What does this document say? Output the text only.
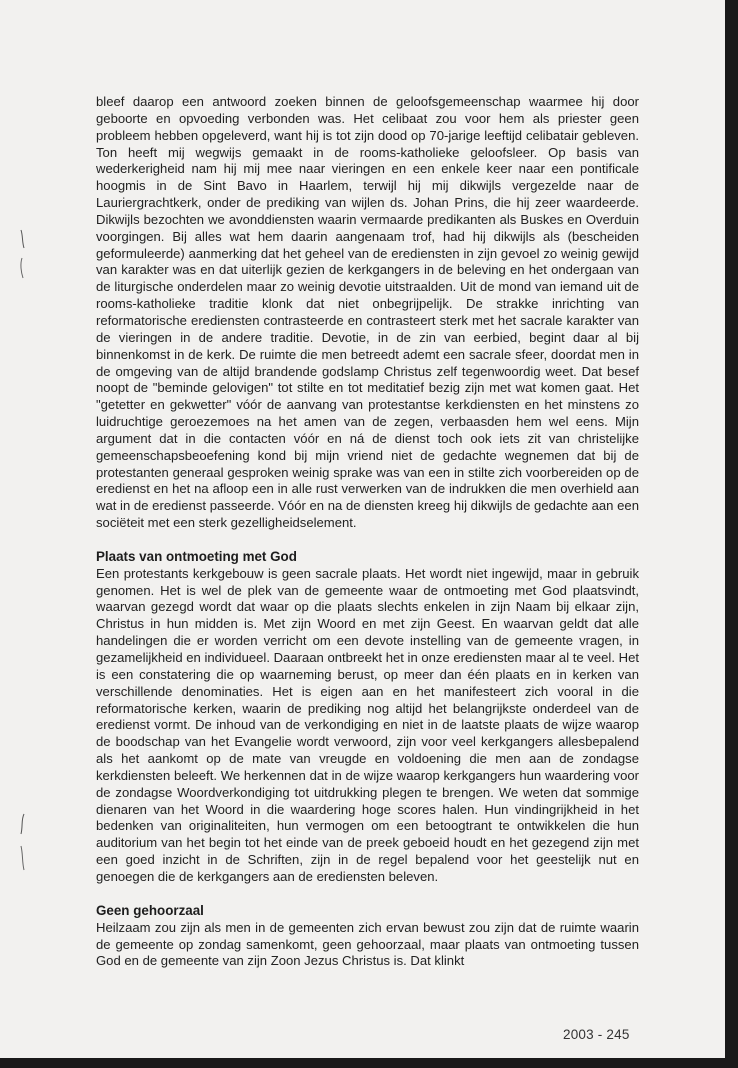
bleef daarop een antwoord zoeken binnen de geloofsgemeenschap waarmee hij door geboorte en opvoeding verbonden was. Het celibaat zou voor hem als priester geen probleem hebben opgeleverd, want hij is tot zijn dood op 70-jarige leeftijd celibatair gebleven. Ton heeft mij wegwijs gemaakt in de rooms-katholieke geloofsleer. Op basis van wederkerigheid nam hij mij mee naar vieringen en een enkele keer naar een pontificale hoogmis in de Sint Bavo in Haarlem, terwijl hij mij dikwijls vergezelde naar de Lauriergrachtkerk, onder de prediking van wijlen ds. Johan Prins, die hij zeer waardeerde. Dikwijls bezochten we avonddiensten waarin vermaarde predikanten als Buskes en Overduin voorgingen. Bij alles wat hem daarin aangenaam trof, had hij dikwijls als (bescheiden geformuleerde) aanmerking dat het geheel van de erediensten in zijn gevoel zo weinig gewijd van karakter was en dat uiterlijk gezien de kerkgangers in de beleving en het ondergaan van de liturgische onderdelen maar zo weinig devotie uitstraalden. Uit de mond van iemand uit de rooms-katholieke traditie klonk dat niet onbegrijpelijk. De strakke inrichting van reformatorische erediensten contrasteerde en contrasteert sterk met het sacrale karakter van de vieringen in de andere traditie. Devotie, in de zin van eerbied, begint daar al bij binnenkomst in de kerk. De ruimte die men betreedt ademt een sacrale sfeer, doordat men in de omgeving van de altijd brandende godslamp Christus zelf tegenwoordig weet. Dat besef noopt de "beminde gelovigen" tot stilte en tot meditatief bezig zijn met wat komen gaat. Het "getetter en gekwetter" vóór de aanvang van protestantse kerkdiensten en het minstens zo luidruchtige geroezemoes na het amen van de zegen, verbaasden hem wel eens. Mijn argument dat in die contacten vóór en ná de dienst toch ook iets zit van christelijke gemeenschapsbeoefening kond bij mijn vriend niet de gedachte wegnemen dat bij de protestanten generaal gesproken weinig sprake was van een in stilte zich voorbereiden op de eredienst en het na afloop een in alle rust verwerken van de indrukken die men overhield aan wat in de eredienst passeerde. Vóór en na de diensten kreeg hij dikwijls de gedachte aan een sociëteit met een sterk gezelligheidselement.

Plaats van ontmoeting met God

Een protestants kerkgebouw is geen sacrale plaats. Het wordt niet ingewijd, maar in gebruik genomen. Het is wel de plek van de gemeente waar de ontmoeting met God plaatsvindt, waarvan gezegd wordt dat waar op die plaats slechts enkelen in zijn Naam bij elkaar zijn, Christus in hun midden is. Met zijn Woord en met zijn Geest. En waarvan geldt dat alle handelingen die er worden verricht om een devote instelling van de gemeente vragen, in gezamelijkheid en individueel. Daaraan ontbreekt het in onze erediensten maar al te veel. Het is een constatering die op waarneming berust, op meer dan één plaats en in kerken van verschillende denominaties. Het is eigen aan en het manifesteert zich vooral in die reformatorische kerken, waarin de prediking nog altijd het belangrijkste onderdeel van de eredienst vormt. De inhoud van de verkondiging en niet in de laatste plaats de wijze waarop de boodschap van het Evangelie wordt verwoord, zijn voor veel kerkgangers allesbepalend als het aankomt op de mate van vreugde en voldoening die men aan de zondagse kerkdiensten beleeft. We herkennen dat in de wijze waarop kerkgangers hun waardering voor de zondagse Woordverkondiging tot uitdrukking plegen te brengen. We weten dat sommige dienaren van het Woord in die waardering hoge scores halen. Hun vindingrijkheid in het bedenken van originaliteiten, hun vermogen om een betoogtrant te ontwikkelen die hun auditorium van het begin tot het einde van de preek geboeid houdt en het gezegend zijn met een goed inzicht in de Schriften, zijn in de regel bepalend voor het geestelijk nut en genoegen die de kerkgangers aan de erediensten beleven.

Geen gehoorzaal

Heilzaam zou zijn als men in de gemeenten zich ervan bewust zou zijn dat de ruimte waarin de gemeente op zondag samenkomt, geen gehoorzaal, maar plaats van ontmoeting tussen God en de gemeente van zijn Zoon Jezus Christus is. Dat klinkt

2003 - 245
